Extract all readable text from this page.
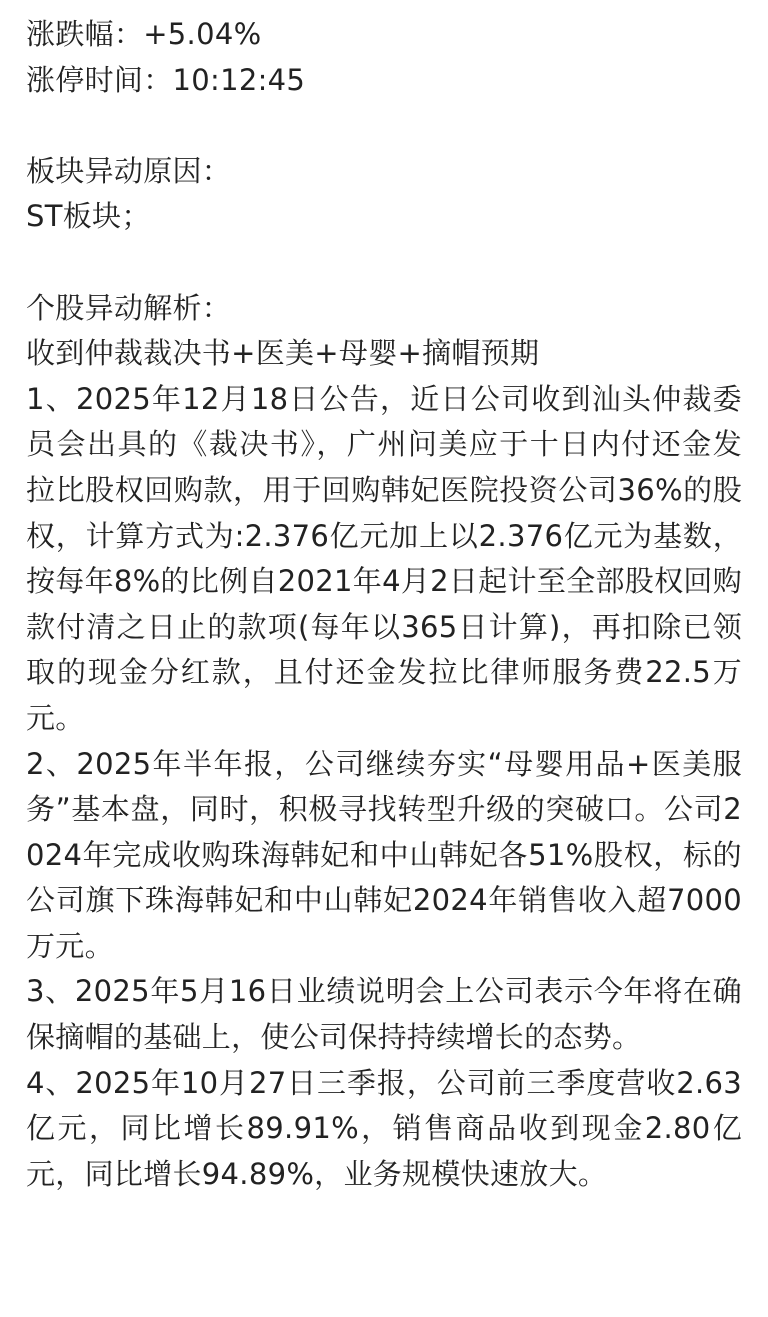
涨跌幅：+5.04%
涨停时间：10:12:45
板块异动原因：
ST板块；
个股异动解析：
收到仲裁裁决书+医美+母婴+摘帽预期
1、2025年12月18日公告，近日公司收到汕头仲裁委员会出具的《裁决书》，广州问美应于十日内付还金发拉比股权回购款，用于回购韩妃医院投资公司36%的股权，计算方式为:2.376亿元加上以2.376亿元为基数，按每年8%的比例自2021年4月2日起计至全部股权回购款付清之日止的款项(每年以365日计算)，再扣除已领取的现金分红款，且付还金发拉比律师服务费22.5万元。
2、2025年半年报，公司继续夯实“母婴用品+医美服务”基本盘，同时，积极寻找转型升级的突破口。公司2024年完成收购珠海韩妃和中山韩妃各51%股权，标的公司旗下珠海韩妃和中山韩妃2024年销售收入超7000万元。
3、2025年5月16日业绩说明会上公司表示今年将在确保摘帽的基础上，使公司保持持续增长的态势。
4、2025年10月27日三季报，公司前三季度营收2.63亿元，同比增长89.91%，销售商品收到现金2.80亿元，同比增长94.89%，业务规模快速放大。
